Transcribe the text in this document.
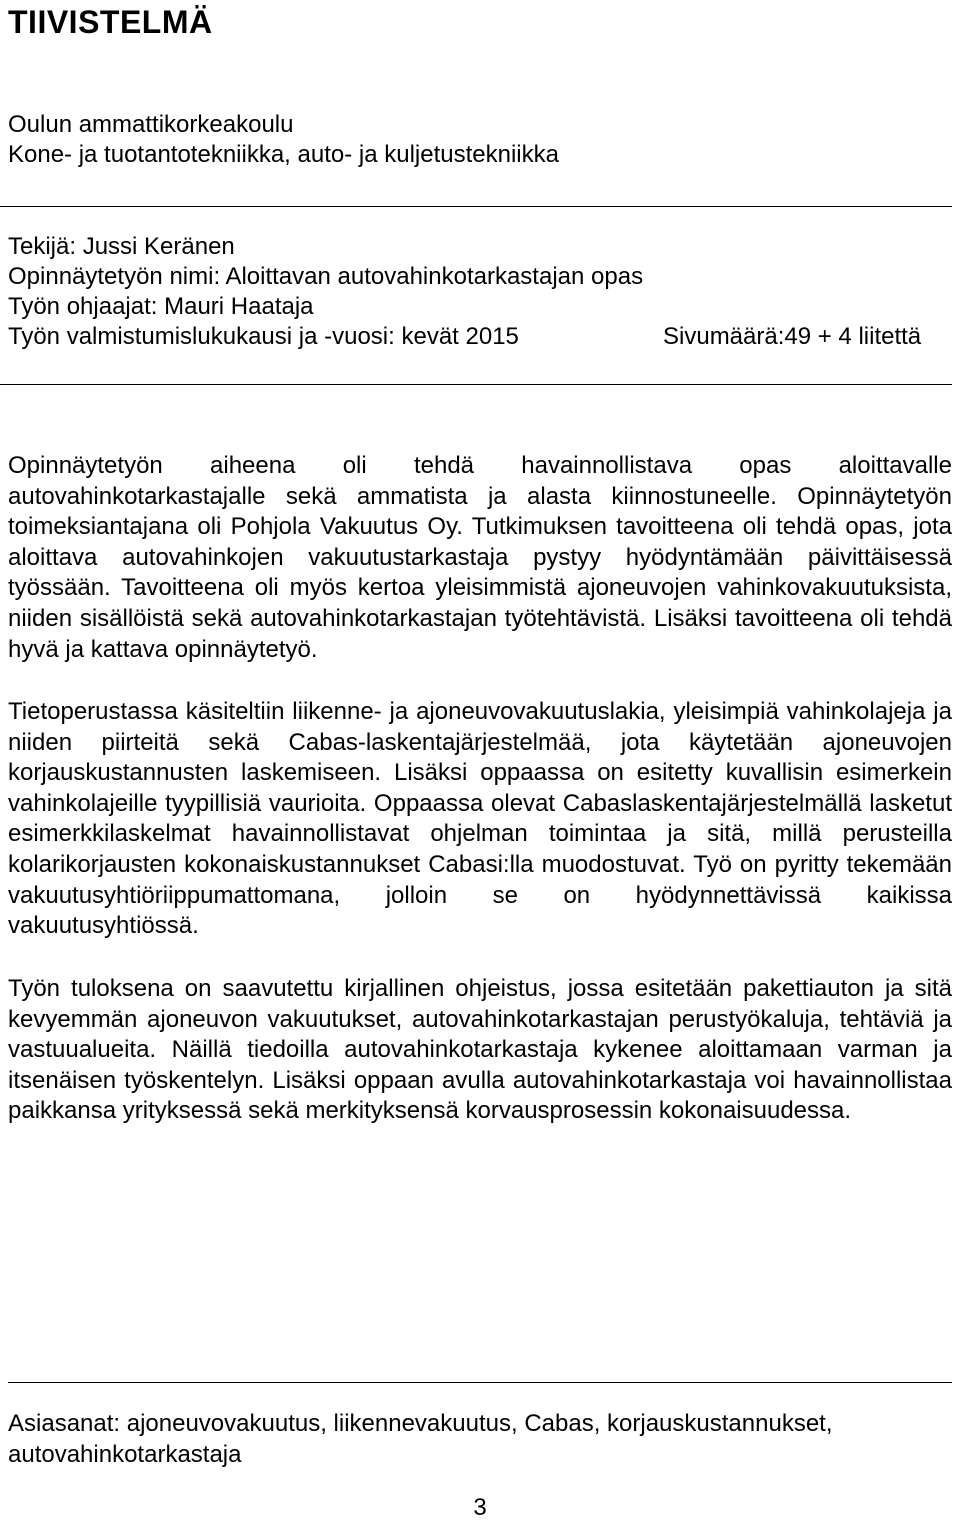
TIIVISTELMÄ
Oulun ammattikorkeakoulu
Kone- ja tuotantotekniikka, auto- ja kuljetustekniikka
Tekijä: Jussi Keränen
Opinnäytetyön nimi: Aloittavan autovahinkotarkastajan opas
Työn ohjaajat: Mauri Haataja
Työn valmistumislukukausi ja -vuosi: kevät 2015	Sivumäärä:49 + 4 liitettä

Opinnäytetyön aiheena oli tehdä havainnollistava opas aloittavalle autovahinkotarkastajalle sekä ammatista ja alasta kiinnostuneelle. Opinnäytetyön toimeksiantajana oli Pohjola Vakuutus Oy. Tutkimuksen tavoitteena oli tehdä opas, jota aloittava autovahinkojen vakuutustarkastaja pystyy hyödyntämään päivittäisessä työssään. Tavoitteena oli myös kertoa yleisimmistä ajoneuvojen vahinkovakuutuksista, niiden sisällöistä sekä autovahinkotarkastajan työtehtävistä. Lisäksi tavoitteena oli tehdä hyvä ja kattava opinnäytetyö.

Tietoperustassa käsiteltiin liikenne- ja ajoneuvovakuutuslakia, yleisimpiä vahinkolajeja ja niiden piirteitä sekä Cabas-laskentajärjestelmää, jota käytetään ajoneuvojen korjauskustannusten laskemiseen. Lisäksi oppaassa on esitetty kuvallisin esimerkein vahinkolajeille tyypillisiä vaurioita. Oppaassa olevat Cabaslaskentajärjestelmällä lasketut esimerkkilaskelmat havainnollistavat ohjelman toimintaa ja sitä, millä perusteilla kolarikorjausten kokonaiskustannukset Cabasi:lla muodostuvat. Työ on pyritty tekemään vakuutusyhtiöriippumattomana, jolloin se on hyödynnettävissä kaikissa vakuutusyhtiössä.

Työn tuloksena on saavutettu kirjallinen ohjeistus, jossa esitetään pakettiauton ja sitä kevyemmän ajoneuvon vakuutukset, autovahinkotarkastajan perustyökaluja, tehtäviä ja vastuualueita. Näillä tiedoilla autovahinkotarkastaja kykenee aloittamaan varman ja itsenäisen työskentelyn. Lisäksi oppaan avulla autovahinkotarkastaja voi havainnollistaa paikkansa yrityksessä sekä merkityksensä korvausprosessin kokonaisuudessa.

Asiasanat: ajoneuvovakuutus, liikennevakuutus, Cabas, korjauskustannukset, autovahinkotarkastaja

3
